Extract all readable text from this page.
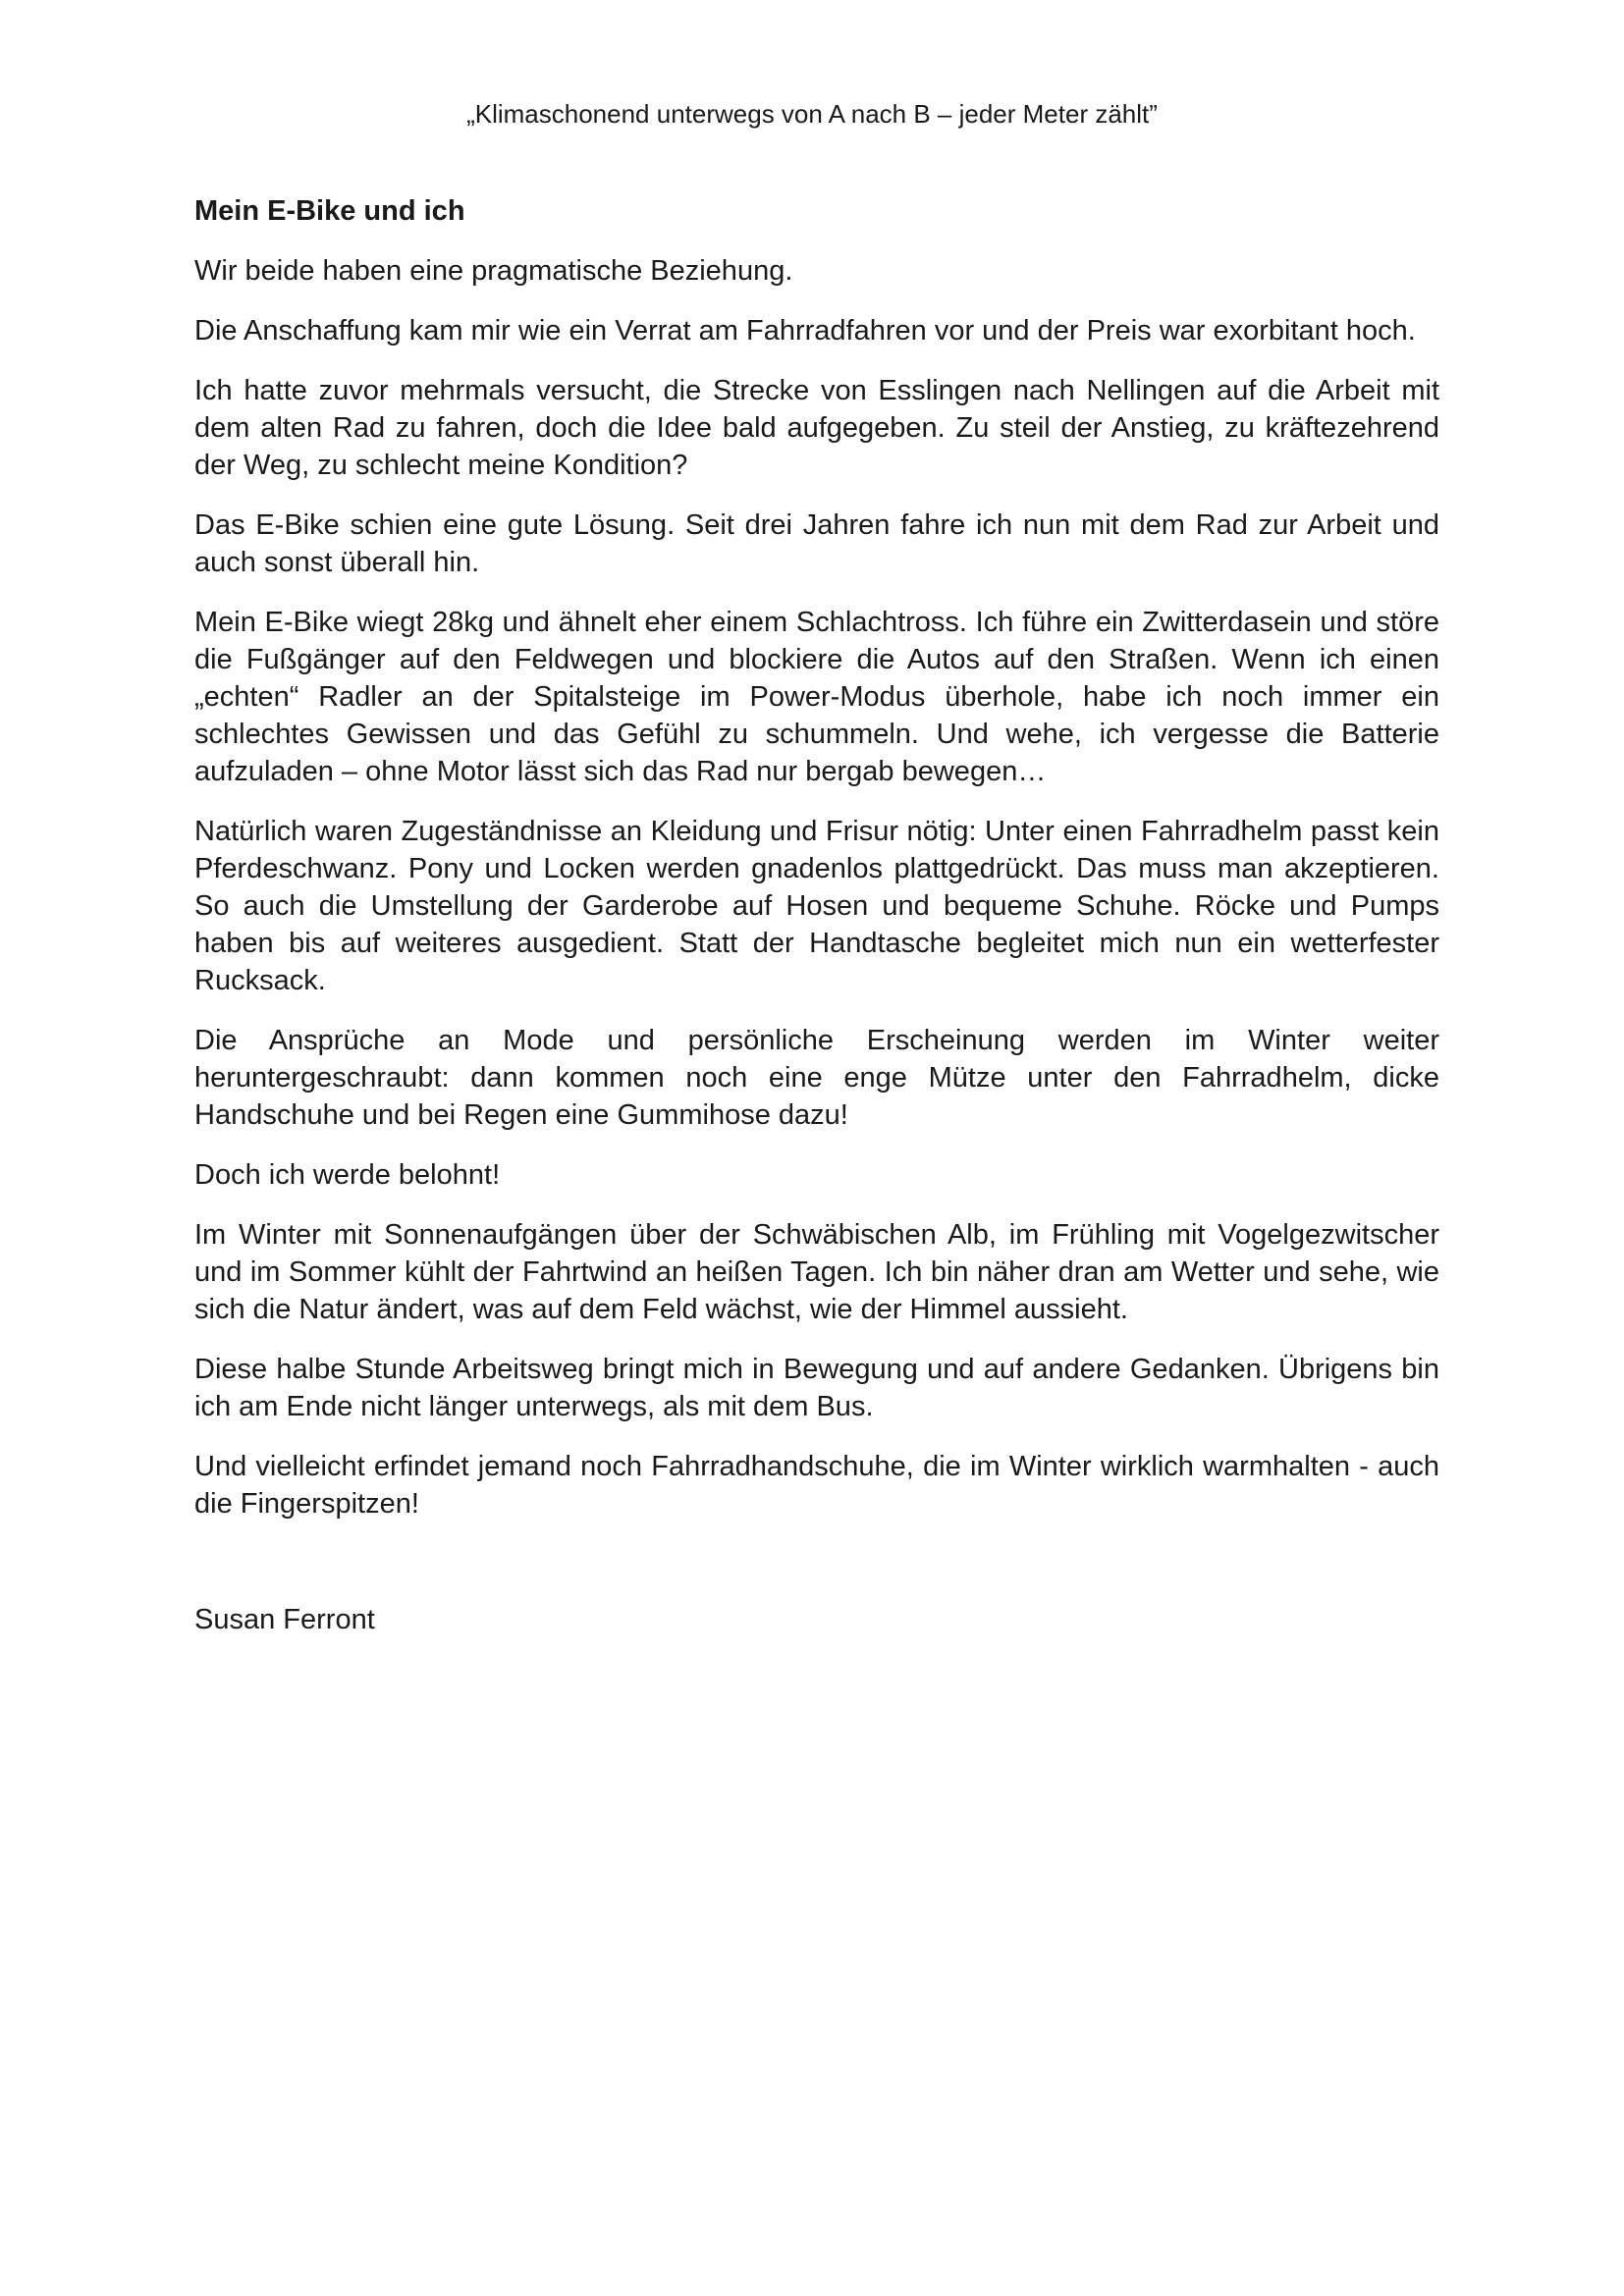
„Klimaschonend unterwegs von A nach B – jeder Meter zählt”
Mein E-Bike und ich

Wir beide haben eine pragmatische Beziehung.

Die Anschaffung kam mir wie ein Verrat am Fahrradfahren vor und der Preis war exorbitant hoch.

Ich hatte zuvor mehrmals versucht, die Strecke von Esslingen nach Nellingen auf die Arbeit mit dem alten Rad zu fahren, doch die Idee bald aufgegeben. Zu steil der Anstieg, zu kräftezehrend der Weg, zu schlecht meine Kondition?

Das E-Bike schien eine gute Lösung. Seit drei Jahren fahre ich nun mit dem Rad zur Arbeit und auch sonst überall hin.

Mein E-Bike wiegt 28kg und ähnelt eher einem Schlachtross. Ich führe ein Zwitterdasein und störe die Fußgänger auf den Feldwegen und blockiere die Autos auf den Straßen. Wenn ich einen „echten“ Radler an der Spitalsteige im Power-Modus überhole, habe ich noch immer ein schlechtes Gewissen und das Gefühl zu schummeln. Und wehe, ich vergesse die Batterie aufzuladen – ohne Motor lässt sich das Rad nur bergab bewegen…

Natürlich waren Zugeständnisse an Kleidung und Frisur nötig: Unter einen Fahrradhelm passt kein Pferdeschwanz. Pony und Locken werden gnadenlos plattgedrückt. Das muss man akzeptieren. So auch die Umstellung der Garderobe auf Hosen und bequeme Schuhe. Röcke und Pumps haben bis auf weiteres ausgedient. Statt der Handtasche begleitet mich nun ein wetterfester Rucksack.

Die Ansprüche an Mode und persönliche Erscheinung werden im Winter weiter heruntergeschraubt: dann kommen noch eine enge Mütze unter den Fahrradhelm, dicke Handschuhe und bei Regen eine Gummihose dazu!

Doch ich werde belohnt!

Im Winter mit Sonnenaufgängen über der Schwäbischen Alb, im Frühling mit Vogelgezwitscher und im Sommer kühlt der Fahrtwind an heißen Tagen. Ich bin näher dran am Wetter und sehe, wie sich die Natur ändert, was auf dem Feld wächst, wie der Himmel aussieht.

Diese halbe Stunde Arbeitsweg bringt mich in Bewegung und auf andere Gedanken. Übrigens bin ich am Ende nicht länger unterwegs, als mit dem Bus.

Und vielleicht erfindet jemand noch Fahrradhandschuhe, die im Winter wirklich warmhalten - auch die Fingerspitzen!

Susan Ferront
